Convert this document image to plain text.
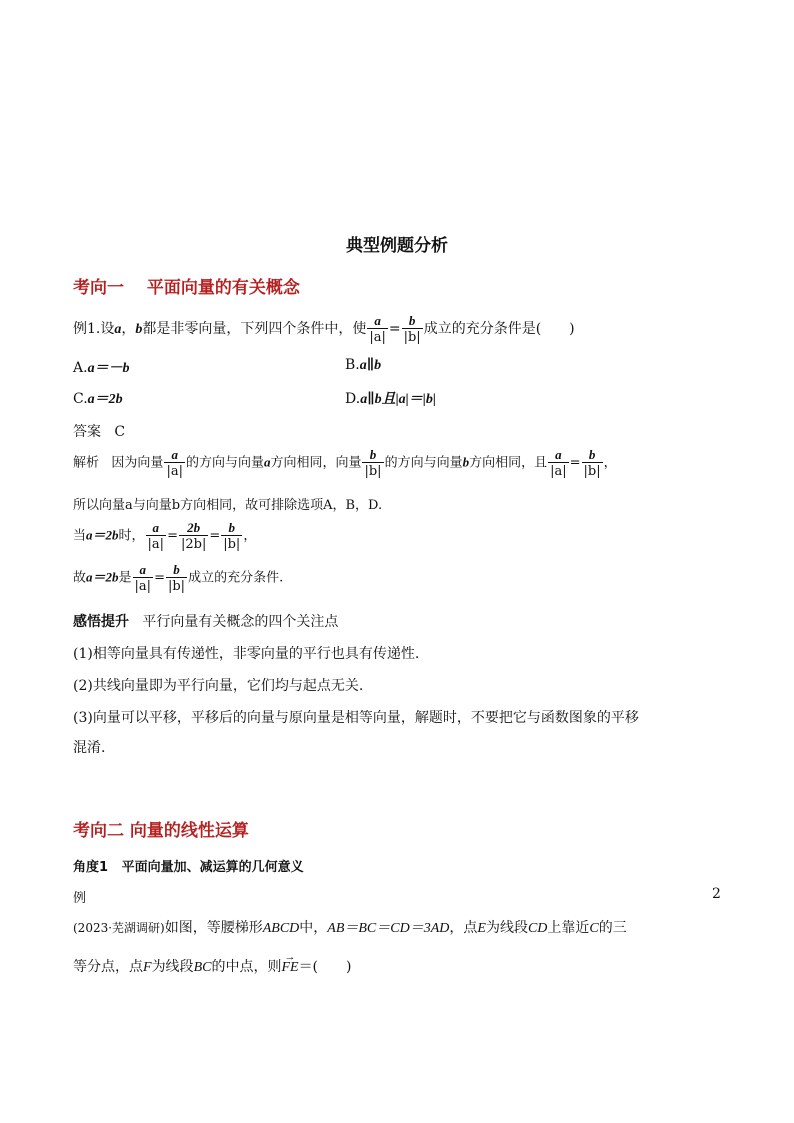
典型例题分析
考向一　 平面向量的有关概念
例1.设a，b都是非零向量，下列四个条件中，使 $\frac{a}{|a|} = \frac{b}{|b|}$ 成立的充分条件是(　　)
A.a＝－b	B.a∥b
C.a＝2b	D.a∥b且|a|＝|b|
答案 C
解析 因为向量 $\frac{a}{|a|}$ 的方向与向量a方向相同，向量 $\frac{b}{|b|}$ 的方向与向量b方向相同，且 $\frac{a}{|a|} = \frac{b}{|b|}$ ，
所以向量a与向量b方向相同，故可排除选项A，B，D.
当a＝2b时， $\frac{a}{|a|} = \frac{2b}{|2b|} = \frac{b}{|b|}$ ，
故a＝2b是 $\frac{a}{|a|} = \frac{b}{|b|}$ 成立的充分条件.
感悟提升 平行向量有关概念的四个关注点
(1)相等向量具有传递性，非零向量的平行也具有传递性.
(2)共线向量即为平行向量，它们均与起点无关.
(3)向量可以平移，平移后的向量与原向量是相等向量，解题时，不要把它与函数图象的平移
混淆.
考向二 向量的线性运算
角度1 平面向量加、减运算的几何意义
例	2
(2023·芜湖调研)如图，等腰梯形ABCD中，AB＝BC＝CD＝3AD，点E为线段CD上靠近C的三
等分点，点F为线段BC的中点，则→ FE＝(　　)
